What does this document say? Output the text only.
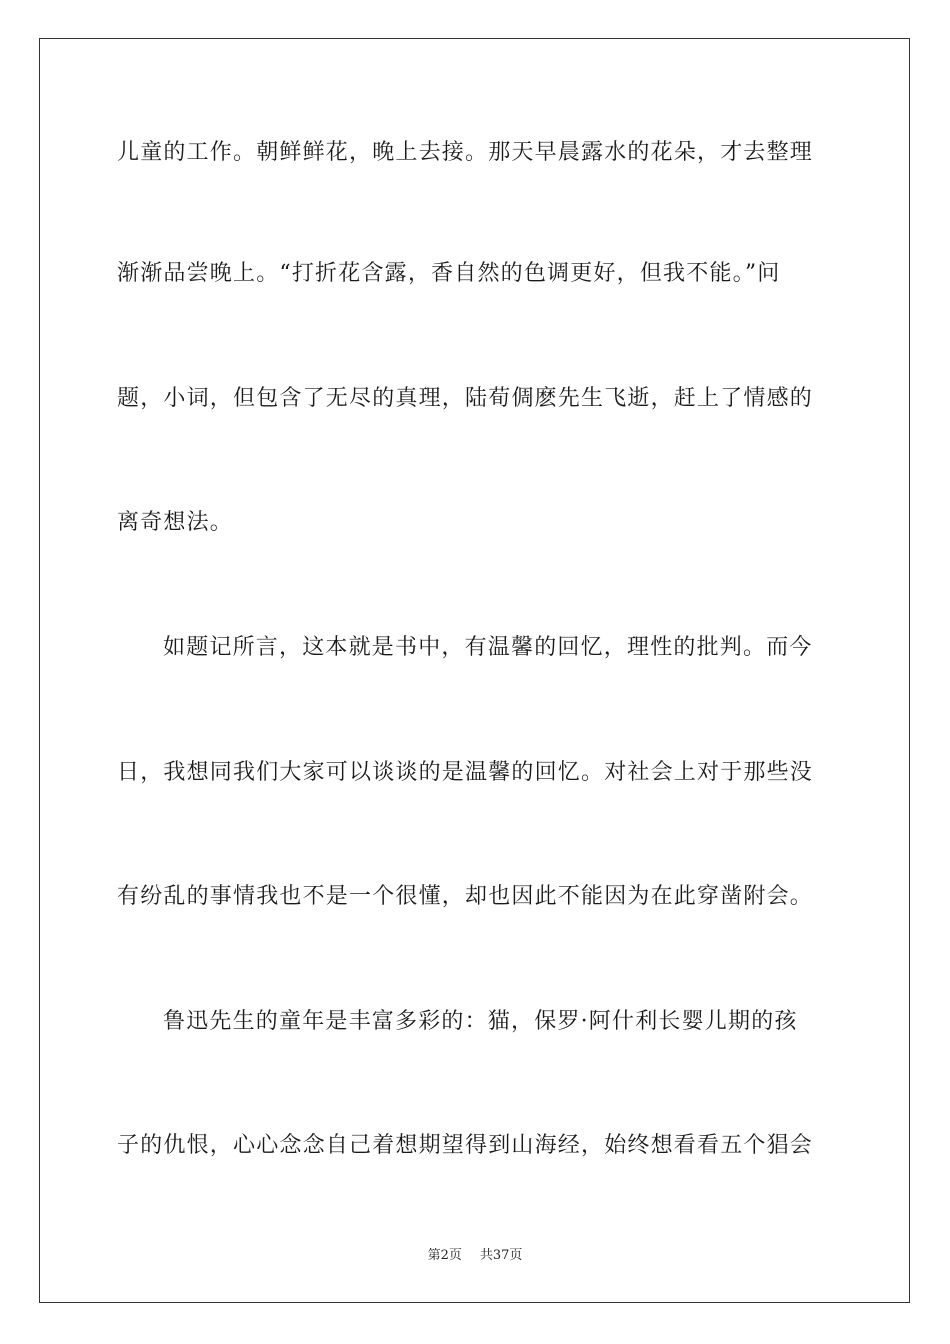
儿童的工作。朝鲜鲜花，晚上去接。那天早晨露水的花朵，才去整理
渐渐品尝晚上。“打折花含露，香自然的色调更好，但我不能。”问
题，小词，但包含了无尽的真理，陆荀倜麽先生飞逝，赶上了情感的
离奇想法。
如题记所言，这本就是书中，有温馨的回忆，理性的批判。而今
日，我想同我们大家可以谈谈的是温馨的回忆。对社会上对于那些没
有纷乱的事情我也不是一个很懂，却也因此不能因为在此穿凿附会。
鲁迅先生的童年是丰富多彩的：猫，保罗·阿什利长婴儿期的孩
子的仇恨，心心念念自己着想期望得到山海经，始终想看看五个猖会
第2页 共37页
